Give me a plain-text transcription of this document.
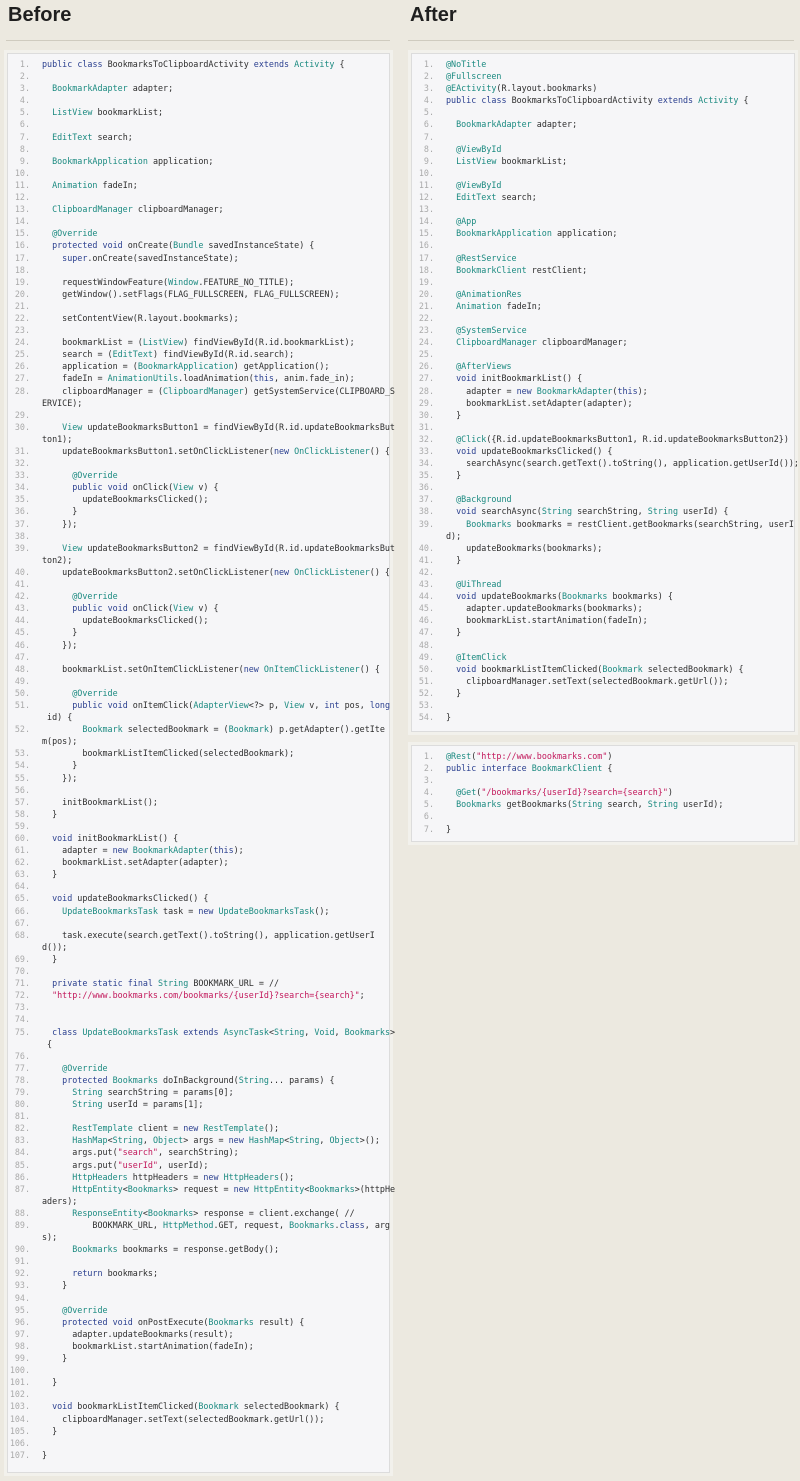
Before	After
1.	public class BookmarksToClipboardActivity extends Activity {
2.
3.	BookmarkAdapter adapter;
4.
5.	ListView bookmarkList;
6.
7.	EditText search;
8.
9.	BookmarkApplication application;
10.
11.	Animation fadeIn;
12.
13.	ClipboardManager clipboardManager;
14.
15.	@Override
16.	protected void onCreate(Bundle savedInstanceState) {
17.	super.onCreate(savedInstanceState);
18.
19.	requestWindowFeature(Window.FEATURE_NO_TITLE);
20.	getWindow().setFlags(FLAG_FULLSCREEN, FLAG_FULLSCREEN);
21.
22.	setContentView(R.layout.bookmarks);
23.
24.	bookmarkList = (ListView) findViewById(R.id.bookmarkList);
25.	search = (EditText) findViewById(R.id.search);
26.	application = (BookmarkApplication) getApplication();
27.	fadeIn = AnimationUtils.loadAnimation(this, anim.fade_in);
28.	clipboardManager = (ClipboardManager) getSystemService(CLIPBOARD_S
ERVICE);
29.
30.	View updateBookmarksButton1 = findViewById(R.id.updateBookmarksBut
ton1);
31.	updateBookmarksButton1.setOnClickListener(new OnClickListener() {
32.
33.	@Override
34.	public void onClick(View v) {
35.	updateBookmarksClicked();
36.	}
37.	});
38.
39.	View updateBookmarksButton2 = findViewById(R.id.updateBookmarksBut
ton2);
40.	updateBookmarksButton2.setOnClickListener(new OnClickListener() {
41.
42.	@Override
43.	public void onClick(View v) {
44.	updateBookmarksClicked();
45.	}
46.	});
47.
48.	bookmarkList.setOnItemClickListener(new OnItemClickListener() {
49.
50.	@Override
51.	public void onItemClick(AdapterView<?> p, View v, int pos, long
id) {
52.	Bookmark selectedBookmark = (Bookmark) p.getAdapter().getIte
m(pos);
53.	bookmarkListItemClicked(selectedBookmark);
54.	}
55.	});
56.
57.	initBookmarkList();
58.	}
59.
60.	void initBookmarkList() {
61.	adapter = new BookmarkAdapter(this);
62.	bookmarkList.setAdapter(adapter);
63.	}
64.
65.	void updateBookmarksClicked() {
66.	UpdateBookmarksTask task = new UpdateBookmarksTask();
67.
68.	task.execute(search.getText().toString(), application.getUserI
d());
69.	}
70.
71.	private static final String BOOKMARK_URL = //
72.	"http://www.bookmarks.com/bookmarks/{userId}?search={search}";
73.
74.
75.	class UpdateBookmarksTask extends AsyncTask<String, Void, Bookmarks>
{
76.
77.	@Override
78.	protected Bookmarks doInBackground(String... params) {
79.	String searchString = params[0];
80.	String userId = params[1];
81.
82.	RestTemplate client = new RestTemplate();
83.	HashMap<String, Object> args = new HashMap<String, Object>();
84.	args.put("search", searchString);
85.	args.put("userId", userId);
86.	HttpHeaders httpHeaders = new HttpHeaders();
87.	HttpEntity<Bookmarks> request = new HttpEntity<Bookmarks>(httpHe
aders);
88.	ResponseEntity<Bookmarks> response = client.exchange( //
89.	BOOKMARK_URL, HttpMethod.GET, request, Bookmarks.class, arg
s);
90.	Bookmarks bookmarks = response.getBody();
91.
92.	return bookmarks;
93.	}
94.
95.	@Override
96.	protected void onPostExecute(Bookmarks result) {
97.	adapter.updateBookmarks(result);
98.	bookmarkList.startAnimation(fadeIn);
99.	}
100.
101.	}
102.
103.	void bookmarkListItemClicked(Bookmark selectedBookmark) {
104.	clipboardManager.setText(selectedBookmark.getUrl());
105.	}
106.
107.	}
1.	@NoTitle
2.	@Fullscreen
3.	@EActivity(R.layout.bookmarks)
4.	public class BookmarksToClipboardActivity extends Activity {
5.
6.	BookmarkAdapter adapter;
7.
8.	@ViewById
9.	ListView bookmarkList;
10.
11.	@ViewById
12.	EditText search;
13.
14.	@App
15.	BookmarkApplication application;
16.
17.	@RestService
18.	BookmarkClient restClient;
19.
20.	@AnimationRes
21.	Animation fadeIn;
22.
23.	@SystemService
24.	ClipboardManager clipboardManager;
25.
26.	@AfterViews
27.	void initBookmarkList() {
28.	adapter = new BookmarkAdapter(this);
29.	bookmarkList.setAdapter(adapter);
30.	}
31.
32.	@Click({R.id.updateBookmarksButton1, R.id.updateBookmarksButton2})
33.	void updateBookmarksClicked() {
34.	searchAsync(search.getText().toString(), application.getUserId());
35.	}
36.
37.	@Background
38.	void searchAsync(String searchString, String userId) {
39.	Bookmarks bookmarks = restClient.getBookmarks(searchString, userI
d);
40.	updateBookmarks(bookmarks);
41.	}
42.
43.	@UiThread
44.	void updateBookmarks(Bookmarks bookmarks) {
45.	adapter.updateBookmarks(bookmarks);
46.	bookmarkList.startAnimation(fadeIn);
47.	}
48.
49.	@ItemClick
50.	void bookmarkListItemClicked(Bookmark selectedBookmark) {
51.	clipboardManager.setText(selectedBookmark.getUrl());
52.	}
53.
54.	}
1.	@Rest("http://www.bookmarks.com")
2.	public interface BookmarkClient {
3.
4.	@Get("/bookmarks/{userId}?search={search}")
5.	Bookmarks getBookmarks(String search, String userId);
6.
7.	}
